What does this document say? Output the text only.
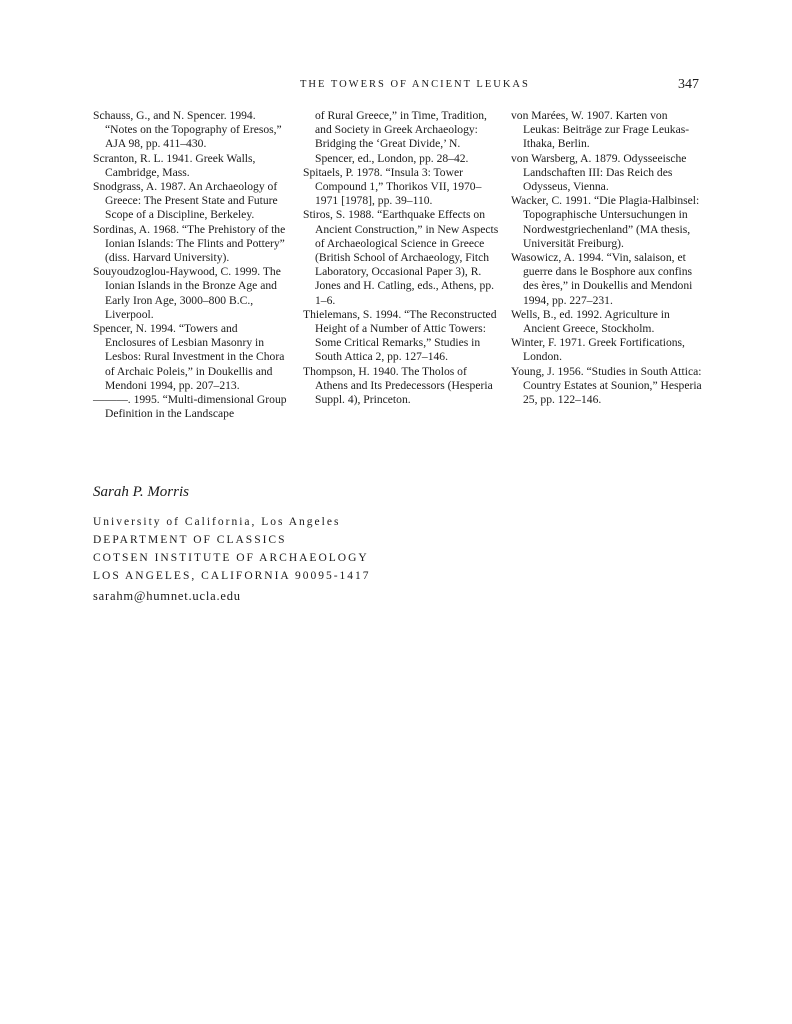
THE TOWERS OF ANCIENT LEUKAS	347

Schauss, G., and N. Spencer. 1994. “Notes on the Topography of Eresos,” AJA 98, pp. 411–430.

Scranton, R. L. 1941. Greek Walls, Cambridge, Mass.

Snodgrass, A. 1987. An Archaeology of Greece: The Present State and Future Scope of a Discipline, Berkeley.

Sordinas, A. 1968. “The Prehistory of the Ionian Islands: The Flints and Pottery” (diss. Harvard University).

Souyoudzoglou-Haywood, C. 1999. The Ionian Islands in the Bronze Age and Early Iron Age, 3000–800 B.C., Liverpool.

Spencer, N. 1994. “Towers and Enclosures of Lesbian Masonry in Lesbos: Rural Investment in the Chora of Archaic Poleis,” in Doukellis and Mendoni 1994, pp. 207–213.

———. 1995. “Multi-dimensional Group Definition in the Landscape

of Rural Greece,” in Time, Tradition, and Society in Greek Archaeology: Bridging the ‘Great Divide,’ N. Spencer, ed., London, pp. 28–42.

Spitaels, P. 1978. “Insula 3: Tower Compound 1,” Thorikos VII, 1970–1971 [1978], pp. 39–110.

Stiros, S. 1988. “Earthquake Effects on Ancient Construction,” in New Aspects of Archaeological Science in Greece (British School of Archaeology, Fitch Laboratory, Occasional Paper 3), R. Jones and H. Catling, eds., Athens, pp. 1–6.

Thielemans, S. 1994. “The Reconstructed Height of a Number of Attic Towers: Some Critical Remarks,” Studies in South Attica 2, pp. 127–146.

Thompson, H. 1940. The Tholos of Athens and Its Predecessors (Hesperia Suppl. 4), Princeton.

von Marées, W. 1907. Karten von Leukas: Beiträge zur Frage Leukas-Ithaka, Berlin.

von Warsberg, A. 1879. Odysseeische Landschaften III: Das Reich des Odysseus, Vienna.

Wacker, C. 1991. “Die Plagia-Halbinsel: Topographische Untersuchungen in Nordwestgriechenland” (MA thesis, Universität Freiburg).

Wasowicz, A. 1994. “Vin, salaison, et guerre dans le Bosphore aux confins des ères,” in Doukellis and Mendoni 1994, pp. 227–231.

Wells, B., ed. 1992. Agriculture in Ancient Greece, Stockholm.

Winter, F. 1971. Greek Fortifications, London.

Young, J. 1956. “Studies in South Attica: Country Estates at Sounion,” Hesperia 25, pp. 122–146.

Sarah P. Morris
University of California, Los Angeles
DEPARTMENT OF CLASSICS
COTSEN INSTITUTE OF ARCHAEOLOGY
LOS ANGELES, CALIFORNIA 90095-1417
sarahm@humnet.ucla.edu
